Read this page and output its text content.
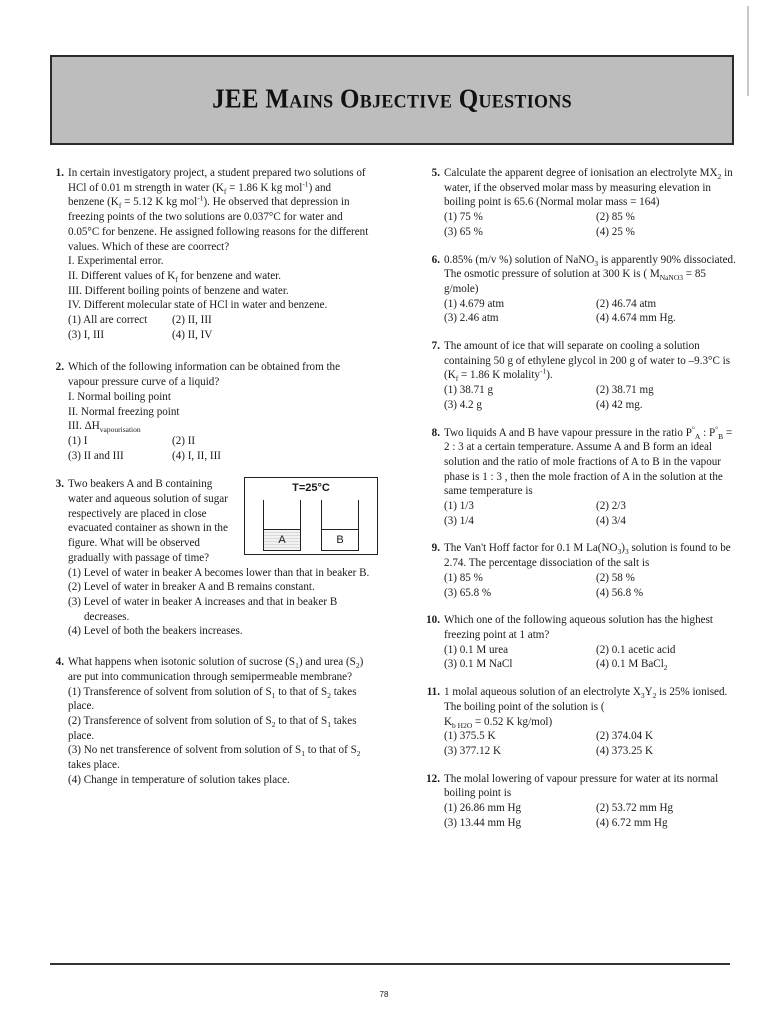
JEE Mains Objective Questions
1 . In certain investigatory project, a student prepared two solutions of HCl of 0.01 m strength in water ($K_f = 1.86$ K kg mol$^{-1}$) and benzene ($K_f = 5.12$ K kg mol$^{-1}$). He observed that depression in freezing points of the two solutions are 0.037°C for water and 0.05°C for benzene. He assigned following reasons for the different values. Which of these are coorrect?
I. Experimental error.
II. Different values of $K_f$ for benzene and water.
III. Different boiling points of benzene and water.
IV. Different molecular state of HCl in water and benzene.
(1) All are correct	(2) II, III
(3) I, III	(4) II, IV
2 . Which of the following information can be obtained from the vapour pressure curve of a liquid?
I. Normal boiling point
II. Normal freezing point
III. $\Delta H_{vapourisation}$
(1) I	(2) II
(3) II and III	(4) I, II, III
3 . Two beakers A and B containing water and aqueous solution of sugar respectively are placed in close evacuated container as shown in the figure. What will be observed gradually with passage of time?
T=25°C
A	B
(1) Level of water in beaker A becomes lower than that in beaker B.
(2) Level of water in breaker A and B remains constant.
(3) Level of water in beaker A increases and that in beaker B decreases.
(4) Level of both the beakers increases.
4 . What happens when isotonic solution of sucrose $(S_1)$ and urea $(S_2)$ are put into communication through semipermeable membrane?
(1) Transference of solvent from solution of $S_1$ to that of $S_2$ takes place.
(2) Transference of solvent from solution of $S_2$ to that of $S_1$ takes place.
(3) No net transference of solvent from solution of $S_1$ to that of $S_2$ takes place.
(4) Change in temperature of solution takes place.
5 . Calculate the apparent degree of ionisation an electrolyte $MX_2$ in water, if the observed molar mass by measuring elevation in boiling point is 65.6 (Normal molar mass = 164)
(1) 75 %	(2) 85 %
(3) 65 %	(4) 25 %
6 . 0.85% (m/v %) solution of NaNO$_3$ is apparently 90% dissociated. The osmotic pressure of solution at 300 K is ( $M_{NaNO3} = 85$ g/mole)
(1) 4.679 atm	(2) 46.74 atm
(3) 2.46 atm	(4) 4.674 mm Hg.
7 . The amount of ice that will separate on cooling a solution containing 50 g of ethylene glycol in 200 g of water to –9.3°C is ($K_f = 1.86$ K molality$^{-1}$).
(1) 38.71 g	(2) 38.71 mg
(3) 4.2 g	(4) 42 mg.
8 . Two liquids A and B have vapour pressure in the ratio $P^\circ_A$ : $P^\circ_B = 2$ : 3 at a certain temperature. Assume A and B form an ideal solution and the ratio of mole fractions of A to B in the vapour phase is 1 : 3 , then the mole fraction of A in the solution at the same temperature is
(1) 1/3	(2) 2/3
(3) 1/4	(4) 3/4
9 . The Van't Hoff factor for 0.1 M $La(NO_3)_3$ solution is found to be 2.74. The percentage dissociation of the salt is
(1) 85 %	(2) 58 %
(3) 65.8 %	(4) 56.8 %
10 . Which one of the following aqueous solution has the highest freezing point at 1 atm?
(1) 0.1 M urea	(2) 0.1 acetic acid
(3) 0.1 M NaCl	(4) 0.1 M BaCl$_2$
11 . 1 molal aqueous solution of an electrolyte $X_3Y_2$ is 25% ionised. The boiling point of the solution is (
$K_{b H2O} = 0.52$ K kg/mol)
(1) 375.5 K	(2) 374.04 K
(3) 377.12 K	(4) 373.25 K
12 . The molal lowering of vapour pressure for water at its normal boiling point is
(1) 26.86 mm Hg	(2) 53.72 mm Hg
(3) 13.44 mm Hg	(4) 6.72 mm Hg
78
